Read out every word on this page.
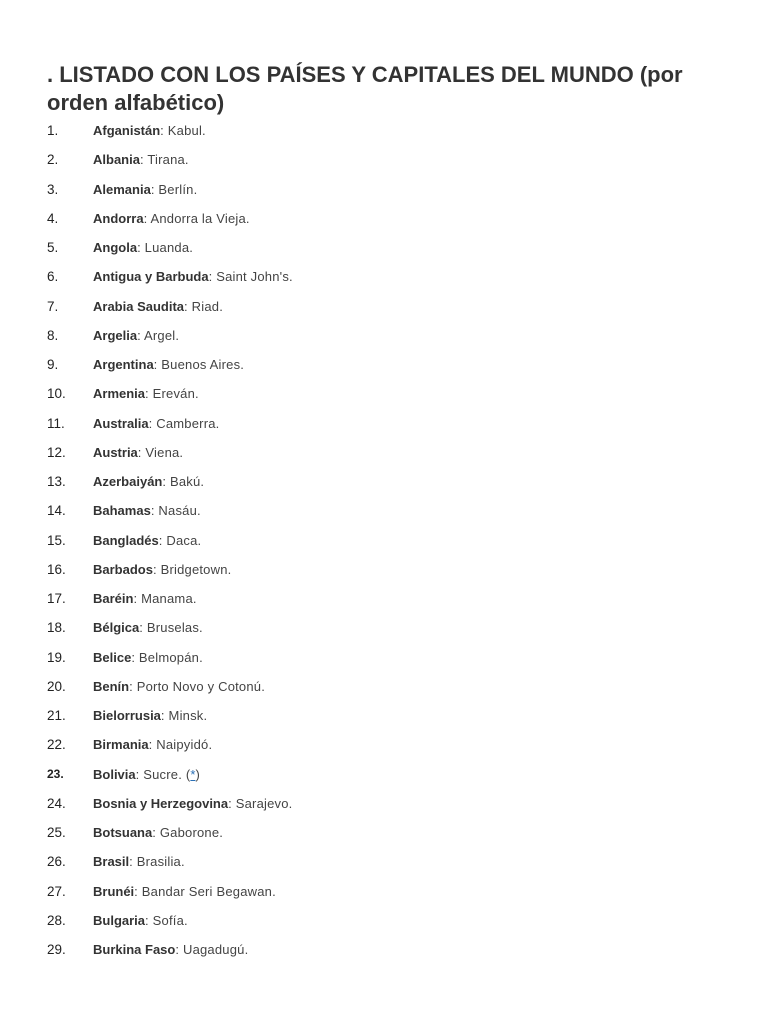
. LISTADO CON LOS PAÍSES Y CAPITALES DEL MUNDO (por orden alfabético)
1.	Afganistán: Kabul.
2.	Albania: Tirana.
3.	Alemania: Berlín.
4.	Andorra: Andorra la Vieja.
5.	Angola: Luanda.
6.	Antigua y Barbuda: Saint John's.
7.	Arabia Saudita: Riad.
8.	Argelia: Argel.
9.	Argentina: Buenos Aires.
10. Armenia: Ereván.
11. Australia: Camberra.
12. Austria: Viena.
13. Azerbaiyán: Bakú.
14. Bahamas: Nasáu.
15. Bangladés: Daca.
16. Barbados: Bridgetown.
17. Baréin: Manama.
18. Bélgica: Bruselas.
19. Belice: Belmopán.
20. Benín: Porto Novo y Cotonú.
21. Bielorrusia: Minsk.
22. Birmania: Naipyidó.
23. Bolivia: Sucre. (*)
24. Bosnia y Herzegovina: Sarajevo.
25. Botsuana: Gaborone.
26. Brasil: Brasilia.
27. Brunéi: Bandar Seri Begawan.
28. Bulgaria: Sofía.
29. Burkina Faso: Uagadugú.
